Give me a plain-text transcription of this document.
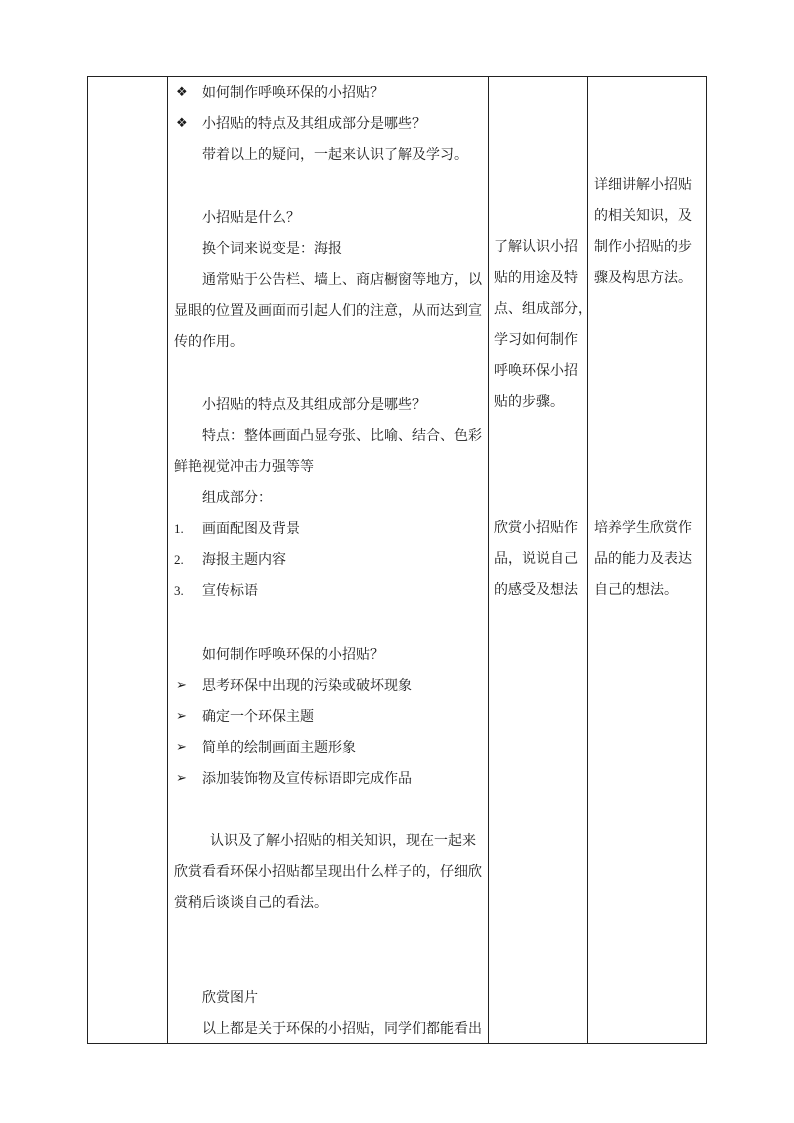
❖ 如何制作呼唤环保的小招贴？
❖ 小招贴的特点及其组成部分是哪些？
带着以上的疑问，一起来认识了解及学习。
小招贴是什么？
换个词来说变是：海报
通常贴于公告栏、墙上、商店橱窗等地方，以
显眼的位置及画面而引起人们的注意，从而达到宣
传的作用。
小招贴的特点及其组成部分是哪些？
特点：整体画面凸显夸张、比喻、结合、色彩
鲜艳视觉冲击力强等等
组成部分：
1. 画面配图及背景
2. 海报主题内容
3. 宣传标语
如何制作呼唤环保的小招贴？
➢ 思考环保中出现的污染或破坏现象
➢ 确定一个环保主题
➢ 简单的绘制画面主题形象
➢ 添加装饰物及宣传标语即完成作品
认识及了解小招贴的相关知识，现在一起来
欣赏看看环保小招贴都呈现出什么样子的，仔细欣
赏稍后谈谈自己的看法。
欣赏图片
以上都是关于环保的小招贴，同学们都能看出
了解认识小招
贴的用途及特
点、组成部分，
学习如何制作
呼唤环保小招
贴的步骤。
欣赏小招贴作
品，说说自己
的感受及想法
详细讲解小招贴
的相关知识，及
制作小招贴的步
骤及构思方法。
培养学生欣赏作
品的能力及表达
自己的想法。
